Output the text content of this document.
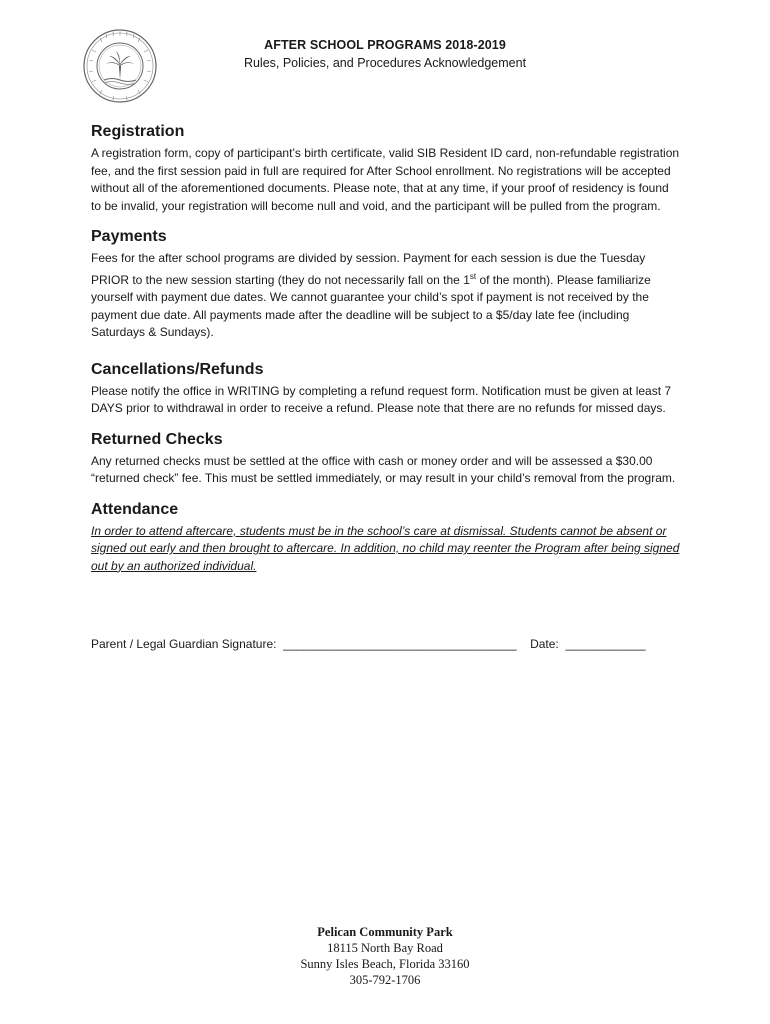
AFTER SCHOOL PROGRAMS 2018-2019
Rules, Policies, and Procedures Acknowledgement
Registration

A registration form, copy of participant’s birth certificate, valid SIB Resident ID card, non-refundable registration fee, and the first session paid in full are required for After School enrollment. No registrations will be accepted without all of the aforementioned documents. Please note, that at any time, if your proof of residency is found to be invalid, your registration will become null and void, and the participant will be pulled from the program.

Payments

Fees for the after school programs are divided by session. Payment for each session is due the Tuesday PRIOR to the new session starting (they do not necessarily fall on the 1st of the month). Please familiarize yourself with payment due dates. We cannot guarantee your child’s spot if payment is not received by the payment due date. All payments made after the deadline will be subject to a $5/day late fee (including Saturdays & Sundays).

Cancellations/Refunds

Please notify the office in WRITING by completing a refund request form. Notification must be given at least 7 DAYS prior to withdrawal in order to receive a refund. Please note that there are no refunds for missed days.

Returned Checks

Any returned checks must be settled at the office with cash or money order and will be assessed a $30.00 “returned check” fee. This must be settled immediately, or may result in your child’s removal from the program.

Attendance

In order to attend aftercare, students must be in the school’s care at dismissal. Students cannot be absent or signed out early and then brought to aftercare. In addition, no child may reenter the Program after being signed out by an authorized individual.

Parent / Legal Guardian Signature: ___________________________________ Date: ____________
Pelican Community Park
18115 North Bay Road
Sunny Isles Beach, Florida 33160
305-792-1706
